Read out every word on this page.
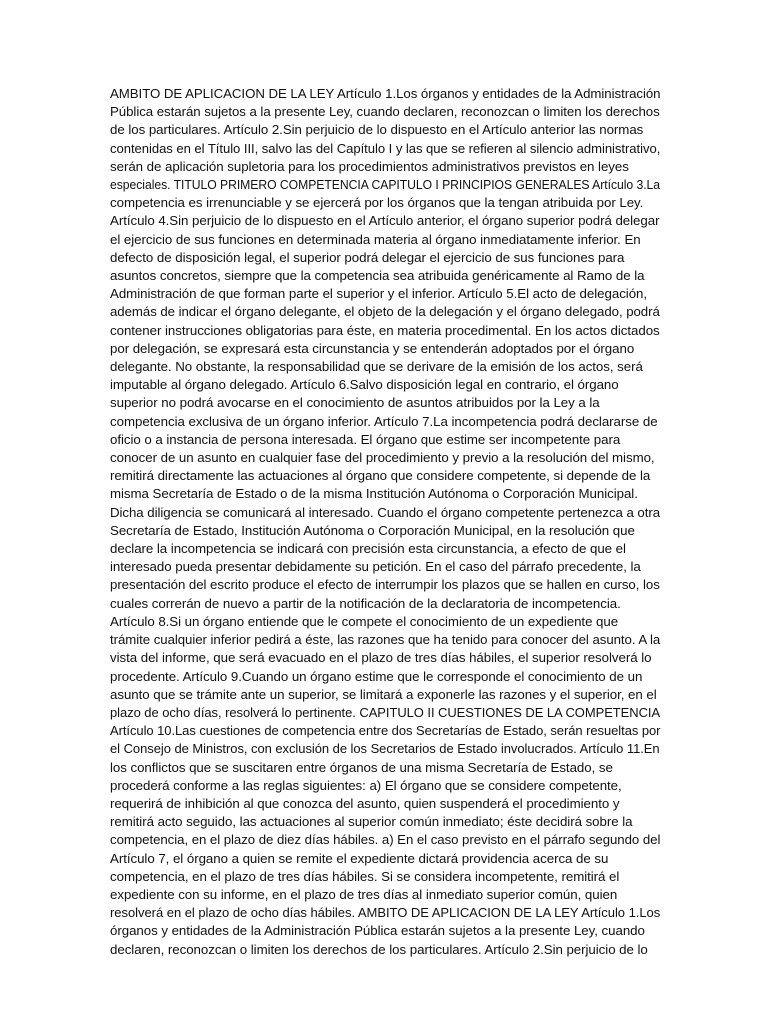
AMBITO DE APLICACION DE LA LEY Artículo 1.Los órganos y entidades de la Administración
Pública estarán sujetos a la presente Ley, cuando declaren, reconozcan o limiten los derechos
de los particulares. Artículo 2.Sin perjuicio de lo dispuesto en el Artículo anterior las normas
contenidas en el Título III, salvo las del Capítulo I y las que se refieren al silencio administrativo,
serán de aplicación supletoria para los procedimientos administrativos previstos en leyes
especiales. TITULO PRIMERO COMPETENCIA CAPITULO I PRINCIPIOS GENERALES Artículo 3.La
competencia es irrenunciable y se ejercerá por los órganos que la tengan atribuida por Ley.
Artículo 4.Sin perjuicio de lo dispuesto en el Artículo anterior, el órgano superior podrá delegar
el ejercicio de sus funciones en determinada materia al órgano inmediatamente inferior. En
defecto de disposición legal, el superior podrá delegar el ejercicio de sus funciones para
asuntos concretos, siempre que la competencia sea atribuida genéricamente al Ramo de la
Administración de que forman parte el superior y el inferior. Artículo 5.El acto de delegación,
además de indicar el órgano delegante, el objeto de la delegación y el órgano delegado, podrá
contener instrucciones obligatorias para éste, en materia procedimental. En los actos dictados
por delegación, se expresará esta circunstancia y se entenderán adoptados por el órgano
delegante. No obstante, la responsabilidad que se derivare de la emisión de los actos, será
imputable al órgano delegado. Artículo 6.Salvo disposición legal en contrario, el órgano
superior no podrá avocarse en el conocimiento de asuntos atribuidos por la Ley a la
competencia exclusiva de un órgano inferior. Artículo 7.La incompetencia podrá declararse de
oficio o a instancia de persona interesada. El órgano que estime ser incompetente para
conocer de un asunto en cualquier fase del procedimiento y previo a la resolución del mismo,
remitirá directamente las actuaciones al órgano que considere competente, si depende de la
misma Secretaría de Estado o de la misma Institución Autónoma o Corporación Municipal.
Dicha diligencia se comunicará al interesado. Cuando el órgano competente pertenezca a otra
Secretaría de Estado, Institución Autónoma o Corporación Municipal, en la resolución que
declare la incompetencia se indicará con precisión esta circunstancia, a efecto de que el
interesado pueda presentar debidamente su petición. En el caso del párrafo precedente, la
presentación del escrito produce el efecto de interrumpir los plazos que se hallen en curso, los
cuales correrán de nuevo a partir de la notificación de la declaratoria de incompetencia.
Artículo 8.Si un órgano entiende que le compete el conocimiento de un expediente que
trámite cualquier inferior pedirá a éste, las razones que ha tenido para conocer del asunto. A la
vista del informe, que será evacuado en el plazo de tres días hábiles, el superior resolverá lo
procedente. Artículo 9.Cuando un órgano estime que le corresponde el conocimiento de un
asunto que se trámite ante un superior, se limitará a exponerle las razones y el superior, en el
plazo de ocho días, resolverá lo pertinente. CAPITULO II CUESTIONES DE LA COMPETENCIA
Artículo 10.Las cuestiones de competencia entre dos Secretarías de Estado, serán resueltas por
el Consejo de Ministros, con exclusión de los Secretarios de Estado involucrados. Artículo 11.En
los conflictos que se suscitaren entre órganos de una misma Secretaría de Estado, se
procederá conforme a las reglas siguientes: a) El órgano que se considere competente,
requerirá de inhibición al que conozca del asunto, quien suspenderá el procedimiento y
remitirá acto seguido, las actuaciones al superior común inmediato; éste decidirá sobre la
competencia, en el plazo de diez días hábiles. a) En el caso previsto en el párrafo segundo del
Artículo 7, el órgano a quien se remite el expediente dictará providencia acerca de su
competencia, en el plazo de tres días hábiles. Si se considera incompetente, remitirá el
expediente con su informe, en el plazo de tres días al inmediato superior común, quien
resolverá en el plazo de ocho días hábiles. AMBITO DE APLICACION DE LA LEY Artículo 1.Los
órganos y entidades de la Administración Pública estarán sujetos a la presente Ley, cuando
declaren, reconozcan o limiten los derechos de los particulares. Artículo 2.Sin perjuicio de lo
